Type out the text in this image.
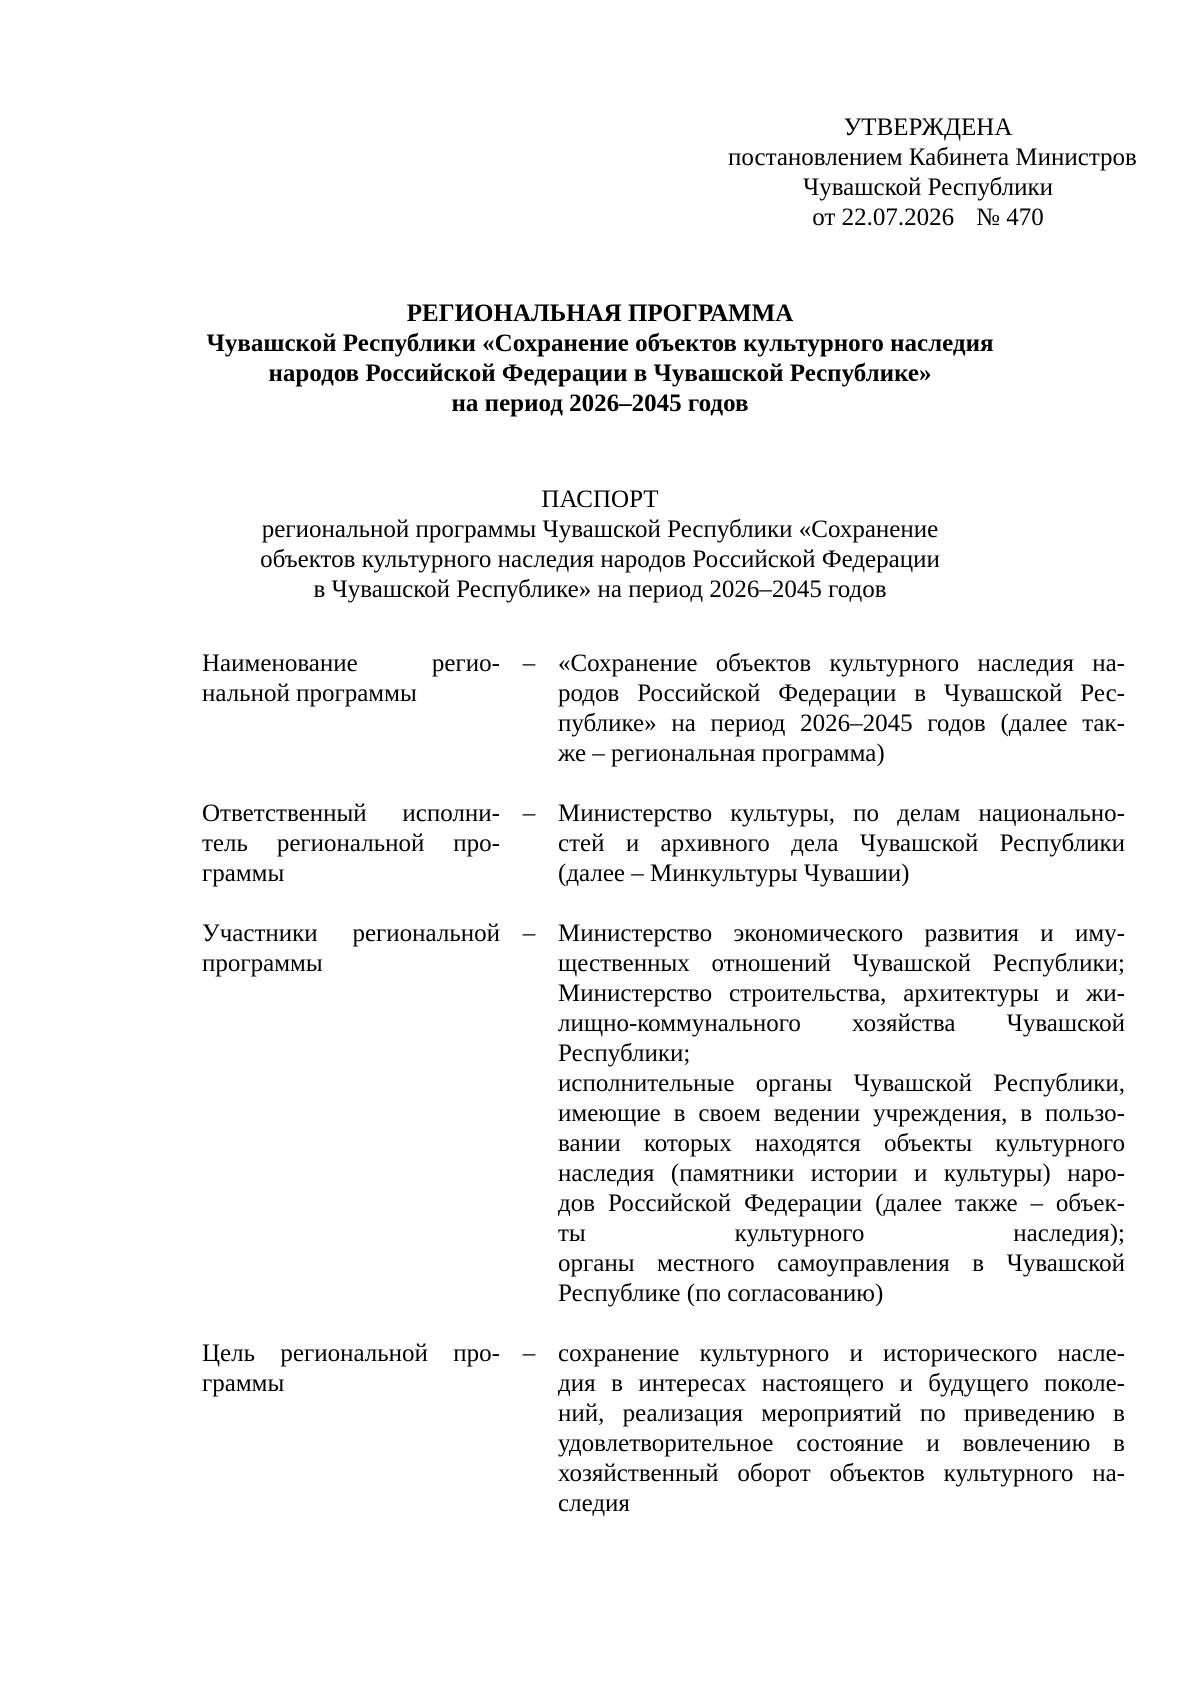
УТВЕРЖДЕНА
постановлением Кабинета Министров
Чувашской Республики
от 22.07.2026 № 470
РЕГИОНАЛЬНАЯ ПРОГРАММА
Чувашской Республики «Сохранение объектов культурного наследия
народов Российской Федерации в Чувашской Республике»
на период 2026–2045 годов
ПАСПОРТ
региональной программы Чувашской Республики «Сохранение
объектов культурного наследия народов Российской Федерации
в Чувашской Республике» на период 2026–2045 годов
Наименование регио-
нальной программы
– «Сохранение объектов культурного наследия на-
родов Российской Федерации в Чувашской Рес-
публике» на период 2026–2045 годов (далее так-
же – региональная программа)
Ответственный исполни-
тель региональной про-
граммы
– Министерство культуры, по делам национально-
стей и архивного дела Чувашской Республики
(далее – Минкультуры Чувашии)
Участники региональной
программы
– Министерство экономического развития и иму-
щественных отношений Чувашской Республики;
Министерство строительства, архитектуры и жи-
лищно-коммунального хозяйства Чувашской
Республики;
исполнительные органы Чувашской Республики,
имеющие в своем ведении учреждения, в пользо-
вании которых находятся объекты культурного
наследия (памятники истории и культуры) наро-
дов Российской Федерации (далее также – объек-
ты культурного наследия);
органы местного самоуправления в Чувашской
Республике (по согласованию)
Цель региональной про-
граммы
– сохранение культурного и исторического насле-
дия в интересах настоящего и будущего поколе-
ний, реализация мероприятий по приведению в
удовлетворительное состояние и вовлечению в
хозяйственный оборот объектов культурного на-
следия
